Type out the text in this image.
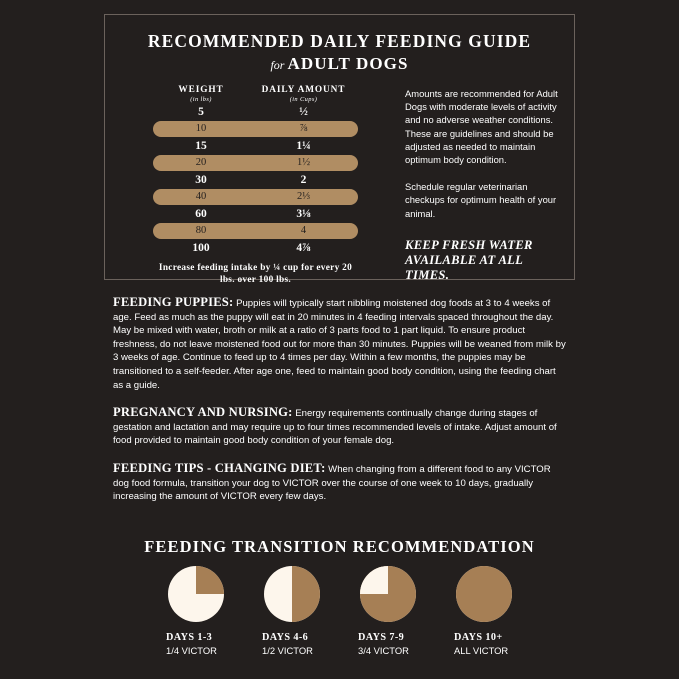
RECOMMENDED DAILY FEEDING GUIDE
for ADULT DOGS
WEIGHT
(in lbs)
DAILY AMOUNT
(in Cups)
5	½
10	⅞
15	1¼
20	1½
30	2
40	2⅓
60	3⅛
80	4
100	4⅞
Increase feeding intake by ¼ cup for every 20 lbs. over 100 lbs.

Amounts are recommended for Adult Dogs with moderate levels of activity and no adverse weather conditions. These are guidelines and should be adjusted as needed to maintain optimum body condition.

Schedule regular veterinarian checkups for optimum health of your animal.

KEEP FRESH WATER AVAILABLE AT ALL TIMES.

FEEDING PUPPIES: Puppies will typically start nibbling moistened dog foods at 3 to 4 weeks of age. Feed as much as the puppy will eat in 20 minutes in 4 feeding intervals spaced throughout the day. May be mixed with water, broth or milk at a ratio of 3 parts food to 1 part liquid. To ensure product freshness, do not leave moistened food out for more than 30 minutes. Puppies will be weaned from milk by 3 weeks of age. Continue to feed up to 4 times per day. Within a few months, the puppies may be transitioned to a self-feeder. After age one, feed to maintain good body condition, using the feeding chart as a guide.

PREGNANCY AND NURSING: Energy requirements continually change during stages of gestation and lactation and may require up to four times recommended levels of intake. Adjust amount of food provided to maintain good body condition of your female dog.

FEEDING TIPS - CHANGING DIET: When changing from a different food to any VICTOR dog food formula, transition your dog to VICTOR over the course of one week to 10 days, gradually increasing the amount of VICTOR every few days.

FEEDING TRANSITION RECOMMENDATION
DAYS 1-3
1/4 VICTOR
DAYS 4-6
1/2 VICTOR
DAYS 7-9
3/4 VICTOR
DAYS 10+
ALL VICTOR
